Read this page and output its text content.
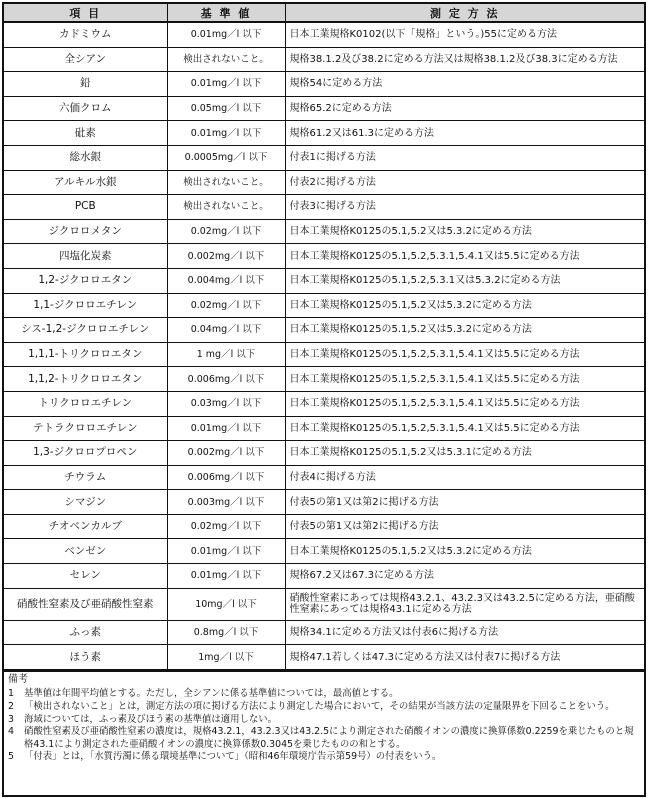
項 目	基 準 値	測 定 方 法
カドミウム	0.01mg／l 以下	日本工業規格K0102(以下「規格」という。)55に定める方法
全シアン	検出されないこと。	規格38.1.2及び38.2に定める方法又は規格38.1.2及び38.3に定める方法
鉛	0.01mg／l 以下	規格54に定める方法
六価クロム	0.05mg／l 以下	規格65.2に定める方法
砒素	0.01mg／l 以下	規格61.2又は61.3に定める方法
総水銀	0.0005mg／l 以下	付表1に掲げる方法
アルキル水銀	検出されないこと。	付表2に掲げる方法
PCB	検出されないこと。	付表3に掲げる方法
ジクロロメタン	0.02mg／l 以下	日本工業規格K0125の5.1,5.2又は5.3.2に定める方法
四塩化炭素	0.002mg／l 以下	日本工業規格K0125の5.1,5.2,5.3.1,5.4.1又は5.5に定める方法
1,2-ジクロロエタン	0.004mg／l 以下	日本工業規格K0125の5.1,5.2,5.3.1又は5.3.2に定める方法
1,1-ジクロロエチレン	0.02mg／l 以下	日本工業規格K0125の5.1,5.2又は5.3.2に定める方法
シス-1,2-ジクロロエチレン	0.04mg／l 以下	日本工業規格K0125の5.1,5.2又は5.3.2に定める方法
1,1,1-トリクロロエタン	1 mg／l 以下	日本工業規格K0125の5.1,5.2,5.3.1,5.4.1又は5.5に定める方法
1,1,2-トリクロロエタン	0.006mg／l 以下	日本工業規格K0125の5.1,5.2,5.3.1,5.4.1又は5.5に定める方法
トリクロロエチレン	0.03mg／l 以下	日本工業規格K0125の5.1,5.2,5.3.1,5.4.1又は5.5に定める方法
テトラクロロエチレン	0.01mg／l 以下	日本工業規格K0125の5.1,5.2,5.3.1,5.4.1又は5.5に定める方法
1,3-ジクロロプロペン	0.002mg／l 以下	日本工業規格K0125の5.1,5.2又は5.3.1に定める方法
チウラム	0.006mg／l 以下	付表4に掲げる方法
シマジン	0.003mg／l 以下	付表5の第1又は第2に掲げる方法
チオベンカルブ	0.02mg／l 以下	付表5の第1又は第2に掲げる方法
ベンゼン	0.01mg／l 以下	日本工業規格K0125の5.1,5.2又は5.3.2に定める方法
セレン	0.01mg／l 以下	規格67.2又は67.3に定める方法
硝酸性窒素及び亜硝酸性窒素	10mg／l 以下	硝酸性窒素にあっては規格43.2.1、43.2.3又は43.2.5に定める方法，亜硝酸性窒素にあっては規格43.1に定める方法
ふっ素	0.8mg／l 以下	規格34.1に定める方法又は付表6に掲げる方法
ほう素	1mg／l 以下	規格47.1若しくは47.3に定める方法又は付表7に掲げる方法
備考
1	基準値は年間平均値とする。ただし，全シアンに係る基準値については，最高値とする。
2	「検出されないこと」とは，測定方法の項に掲げる方法により測定した場合において，その結果が当該方法の定量限界を下回ることをいう。
3	海域については，ふっ素及びほう素の基準値は適用しない。
4	硝酸性窒素及び亜硝酸性窒素の濃度は，規格43.2.1，43.2.3又は43.2.5により測定された硝酸イオンの濃度に換算係数0.2259を乗じたものと規格43.1により測定された亜硝酸イオンの濃度に換算係数0.3045を乗じたものの和とする。
5	「付表」とは，「水質汚濁に係る環境基準について」（昭和46年環境庁告示第59号）の付表をいう。
